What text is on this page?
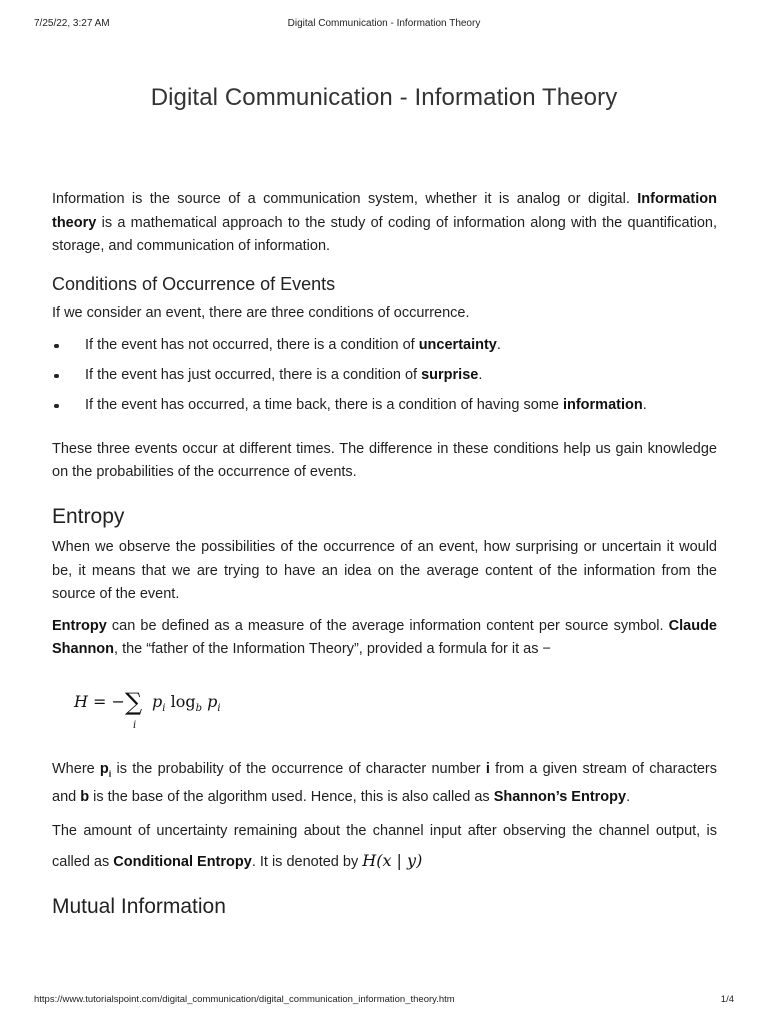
7/25/22, 3:27 AM	Digital Communication - Information Theory
Digital Communication - Information Theory

Information is the source of a communication system, whether it is analog or digital. Information theory is a mathematical approach to the study of coding of information along with the quantification, storage, and communication of information.

Conditions of Occurrence of Events

If we consider an event, there are three conditions of occurrence.

If the event has not occurred, there is a condition of uncertainty.
If the event has just occurred, there is a condition of surprise.
If the event has occurred, a time back, there is a condition of having some information.

These three events occur at different times. The difference in these conditions help us gain knowledge on the probabilities of the occurrence of events.

Entropy

When we observe the possibilities of the occurrence of an event, how surprising or uncertain it would be, it means that we are trying to have an idea on the average content of the information from the source of the event.

Entropy can be defined as a measure of the average information content per source symbol. Claude Shannon, the “father of the Information Theory”, provided a formula for it as −

H = −∑
i
$p_i$ $\log_b p_i$

Where $p_i$ is the probability of the occurrence of character number i from a given stream of characters and b is the base of the algorithm used. Hence, this is also called as Shannon’s Entropy.

The amount of uncertainty remaining about the channel input after observing the channel output, is called as Conditional Entropy. It is denoted by H(x | y)

Mutual Information
https://www.tutorialspoint.com/digital_communication/digital_communication_information_theory.htm	1/4
